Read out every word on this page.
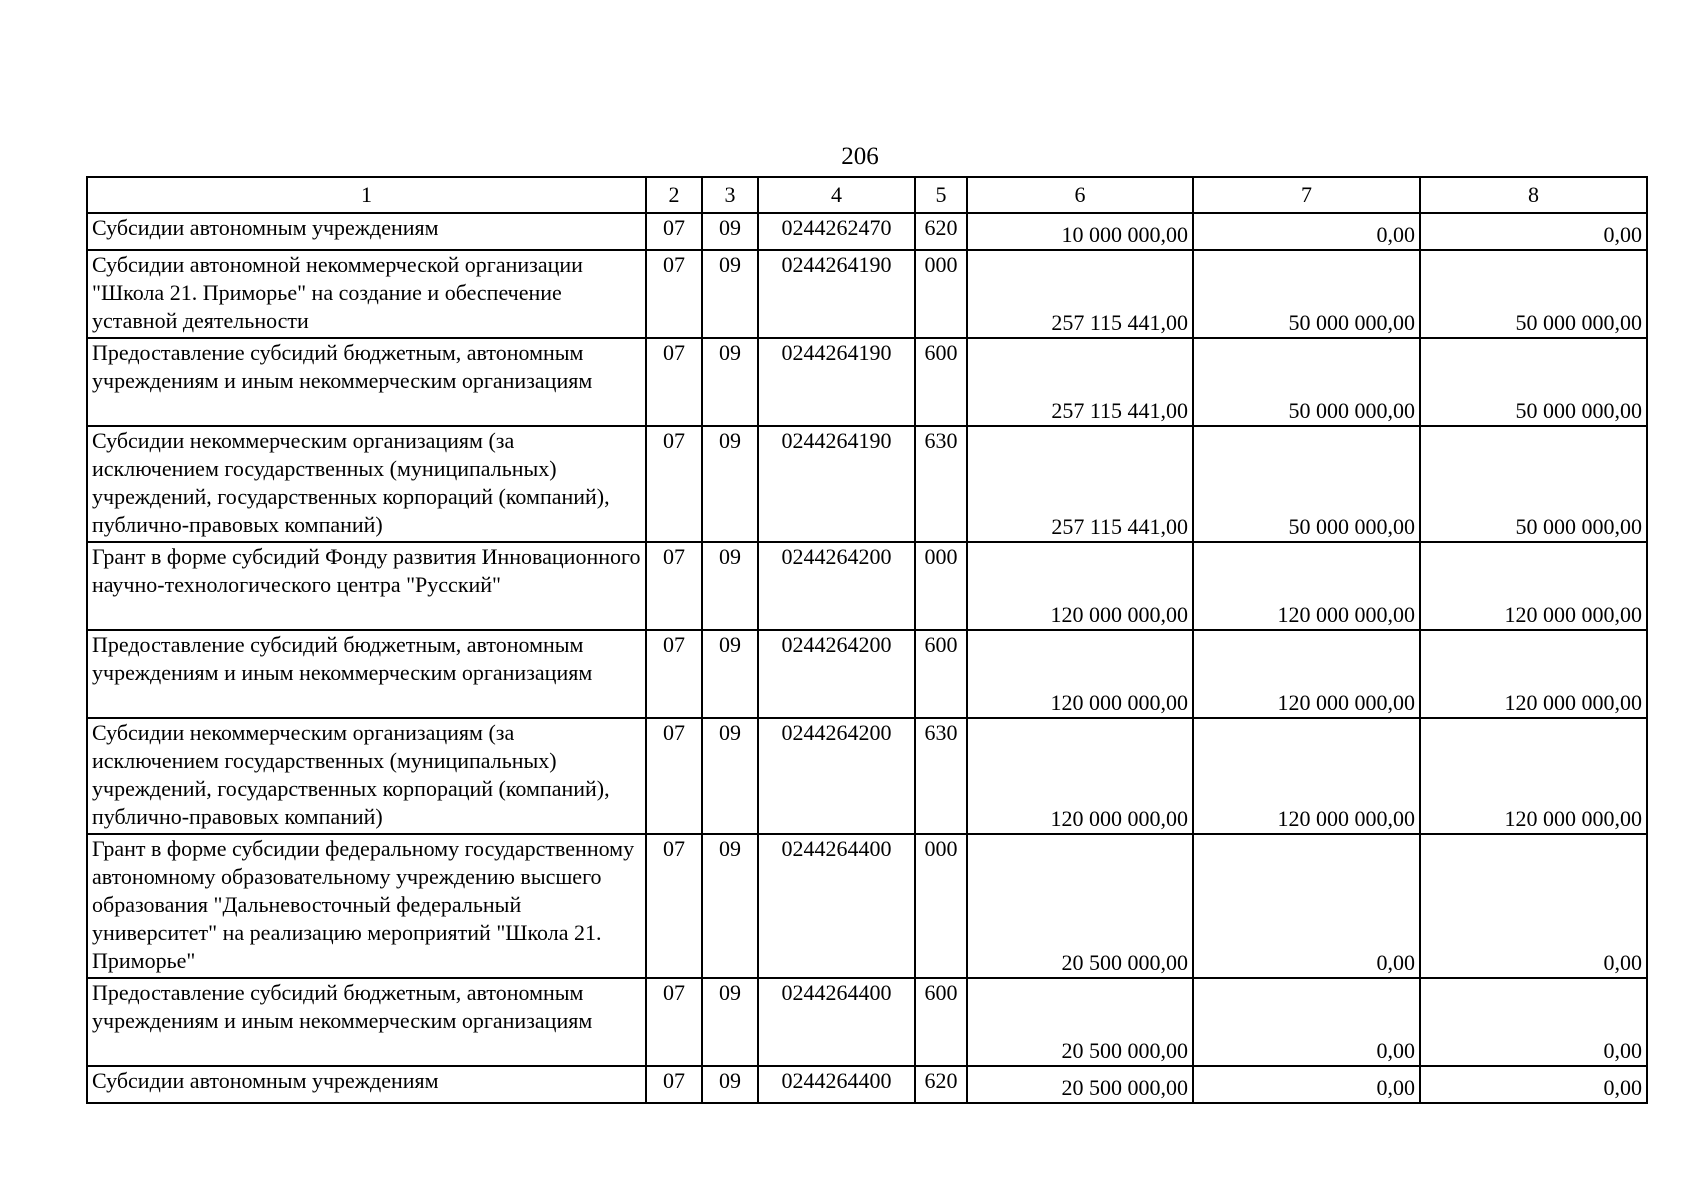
206
1	2	3	4	5	6	7	8
Субсидии автономным учреждениям	07	09	0244262470	620	10 000 000,00	0,00	0,00
Субсидии автономной некоммерческой организации "Школа 21. Приморье" на создание и обеспечение уставной деятельности	07	09	0244264190	000	257 115 441,00	50 000 000,00	50 000 000,00
Предоставление субсидий бюджетным, автономным учреждениям и иным некоммерческим организациям	07	09	0244264190	600	257 115 441,00	50 000 000,00	50 000 000,00
Субсидии некоммерческим организациям (за исключением государственных (муниципальных) учреждений, государственных корпораций (компаний), публично-правовых компаний)	07	09	0244264190	630	257 115 441,00	50 000 000,00	50 000 000,00
Грант в форме субсидий Фонду развития Инновационного научно-технологического центра "Русский"	07	09	0244264200	000	120 000 000,00	120 000 000,00	120 000 000,00
Предоставление субсидий бюджетным, автономным учреждениям и иным некоммерческим организациям	07	09	0244264200	600	120 000 000,00	120 000 000,00	120 000 000,00
Субсидии некоммерческим организациям (за исключением государственных (муниципальных) учреждений, государственных корпораций (компаний), публично-правовых компаний)	07	09	0244264200	630	120 000 000,00	120 000 000,00	120 000 000,00
Грант в форме субсидии федеральному государственному автономному образовательному учреждению высшего образования "Дальневосточный федеральный университет" на реализацию мероприятий "Школа 21. Приморье"	07	09	0244264400	000	20 500 000,00	0,00	0,00
Предоставление субсидий бюджетным, автономным учреждениям и иным некоммерческим организациям	07	09	0244264400	600	20 500 000,00	0,00	0,00
Субсидии автономным учреждениям	07	09	0244264400	620	20 500 000,00	0,00	0,00
